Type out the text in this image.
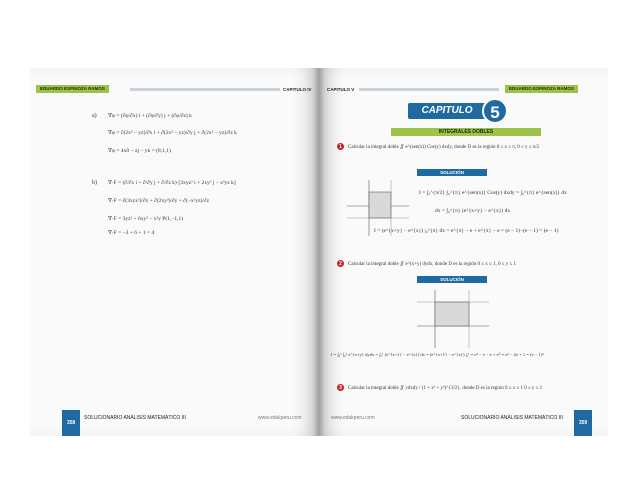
EDUARDO ESPINOZA RAMOS	CAPITULO IV
a) ∇φ = (∂φ/∂x) i + (∂φ/∂y) j + (∂φ/∂z) k
∇φ = ∂(2x² − yz)/∂x i + ∂(2x² − yz)/∂y j + ∂(2x² − yz)/∂z k
∇φ = 4x0 − zj − yk = (8,1,1)
b) ∇·F = (∂/∂x i + ∂/∂y j + ∂/∂z k)·[3xyz² i + 2xy³ j − x²yz k]
∇·F = ∂(3xyz²)/∂x + ∂(2xy³)/∂y + ∂(−x²yz)/∂z
∇·F = 3yz² + 6xy² − x²y P(1,−1,1)
∇·F = −3 + 6 + 1 = 4
358
SOLUCIONARIO ANÁLISIS MATEMÁTICO III	www.edukperu.com
CAPITULO V	EDUARDO ESPINOZA RAMOS
CAPITULO	5
INTEGRALES DOBLES
1	Calcular la integral doble ∬ e^(sen(x)) Cos(y) dxdy, donde D es la región 0 ≤ x ≤ π, 0 ≤ y ≤ π/2
SOLUCIÓN
I = ∫₀^{π/2} ∫₀^{π} e^{sen(x)} Cos(y) dxdy = ∫₀^{π} e^{sen(x)} dx
dx = ∫₀^{π} (e^{x+y} − e^{x}) dx
I = (e^{x+y} − e^{x}) |₀^{π} dx = e^{π} − e + e^{π} − e = (e − 1)−(e − 1) = (e − 1)
2	Calcular la integral doble ∬ e^(x+y) dydx, donde D es la región 0 ≤ x ≤ 1, 0 ≤ y ≤ 1
SOLUCIÓN
I = ∫₀¹ ∫₀¹ e^{x+y} dydx = ∫₀¹ (e^{x+1} − e^{x}) dx = (e^{x+1} − e^{x}) |₀¹ = e² − e − e + e⁰ = e² − 2e + 1 = (e − 1)²
3	Calcular la integral doble ∬ ydxdy / (1 + x² + y²)^{3/2}, donde D es la región 0 ≤ x ≤ 1 0 ≤ y ≤ 1
www.edukperu.com	SOLUCIONARIO ANÁLISIS MATEMÁTICO III
359
